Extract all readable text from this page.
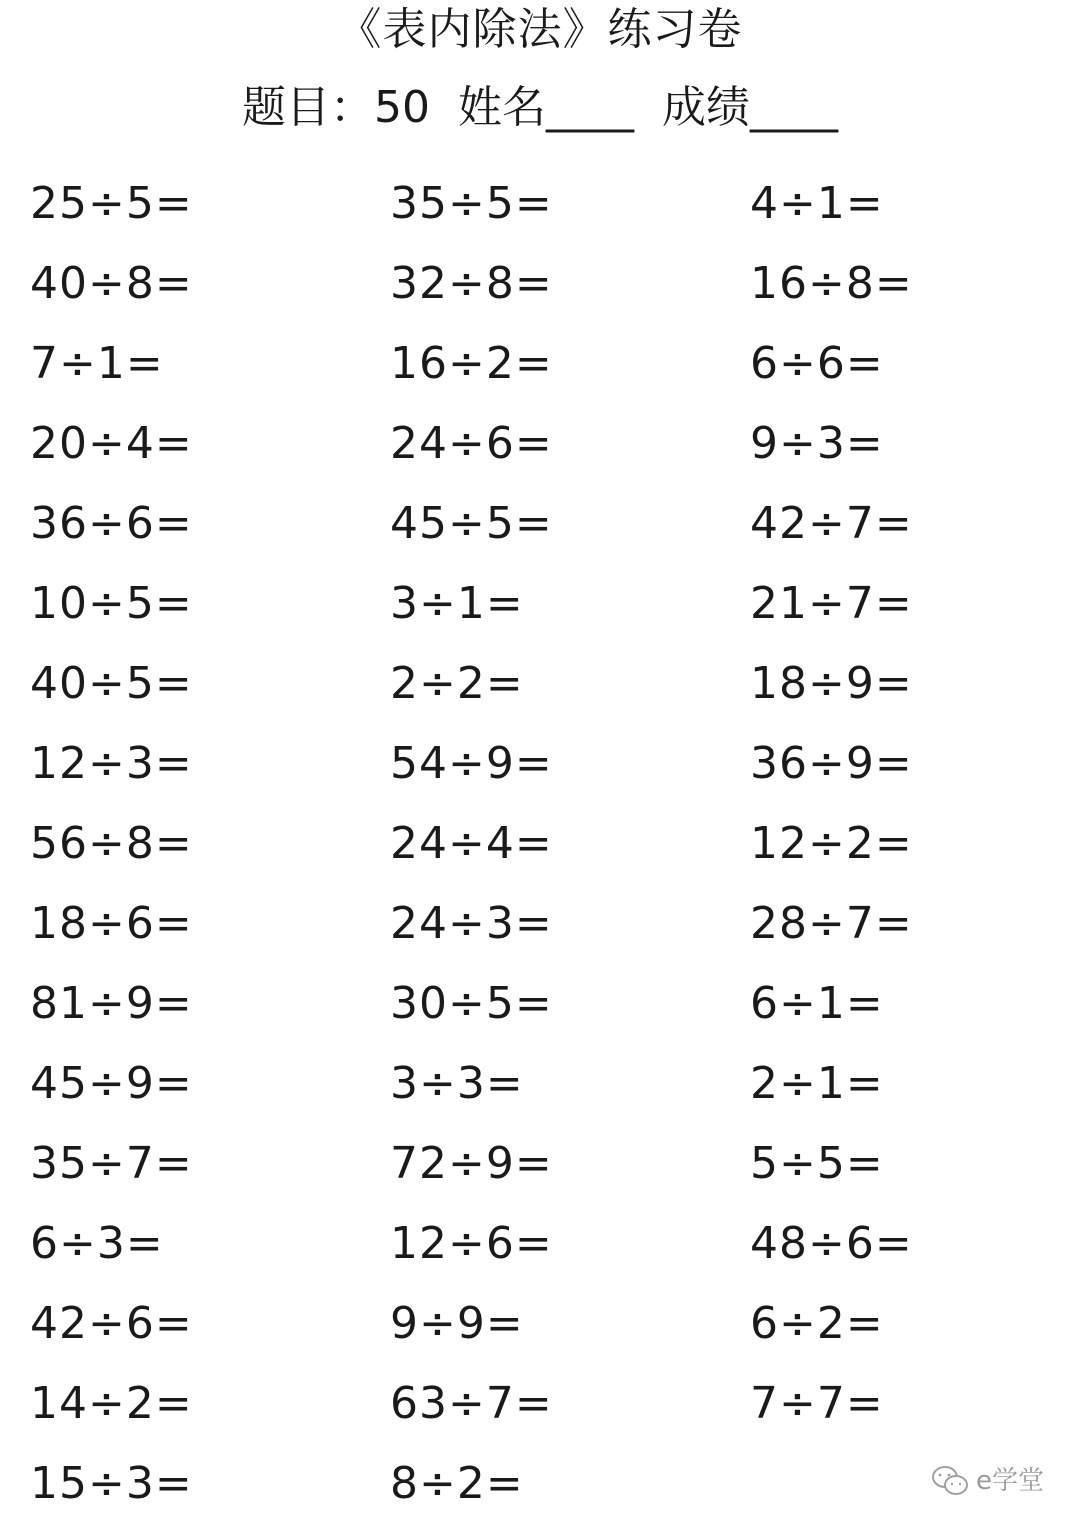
《表内除法》练习卷
题目：50  姓名____  成绩____
25÷5=	35÷5=	4÷1=
40÷8=	32÷8=	16÷8=
7÷1=	16÷2=	6÷6=
20÷4=	24÷6=	9÷3=
36÷6=	45÷5=	42÷7=
10÷5=	3÷1=	21÷7=
40÷5=	2÷2=	18÷9=
12÷3=	54÷9=	36÷9=
56÷8=	24÷4=	12÷2=
18÷6=	24÷3=	28÷7=
81÷9=	30÷5=	6÷1=
45÷9=	3÷3=	2÷1=
35÷7=	72÷9=	5÷5=
6÷3=	12÷6=	48÷6=
42÷6=	9÷9=	6÷2=
14÷2=	63÷7=	7÷7=
15÷3=	8÷2=	e学堂
